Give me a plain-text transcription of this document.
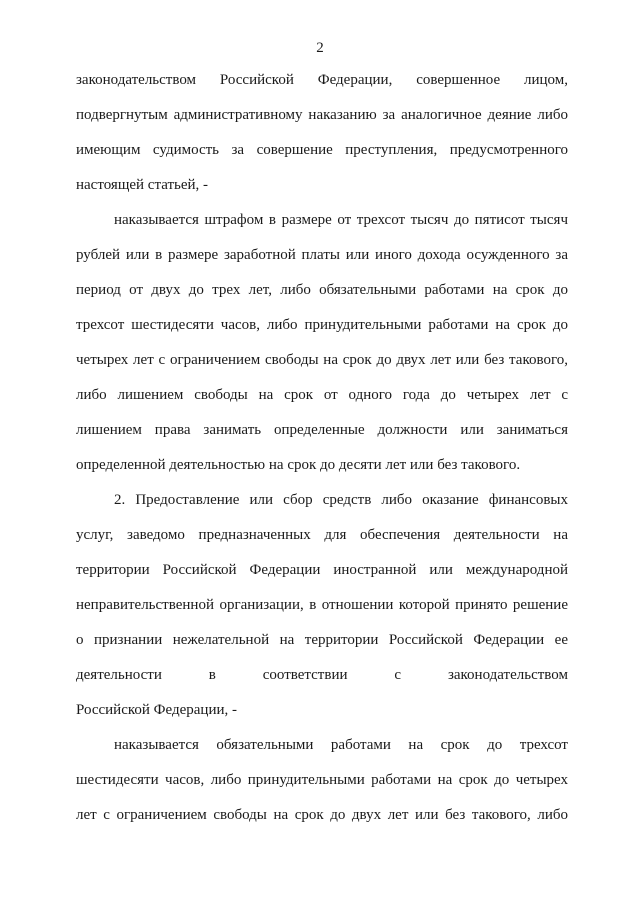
2
законодательством Российской Федерации, совершенное лицом,
подвергнутым административному наказанию за аналогичное деяние либо
имеющим судимость за совершение преступления, предусмотренного
настоящей статьей, -
наказывается штрафом в размере от трехсот тысяч до пятисот тысяч
рублей или в размере заработной платы или иного дохода осужденного за
период от двух до трех лет, либо обязательными работами на срок до
трехсот шестидесяти часов, либо принудительными работами на срок до
четырех лет с ограничением свободы на срок до двух лет или без такового,
либо лишением свободы на срок от одного года до четырех лет с
лишением права занимать определенные должности или заниматься
определенной деятельностью на срок до десяти лет или без такового.
2. Предоставление или сбор средств либо оказание финансовых
услуг, заведомо предназначенных для обеспечения деятельности на
территории Российской Федерации иностранной или международной
неправительственной организации, в отношении которой принято решение
о признании нежелательной на территории Российской Федерации ее
деятельности в соответствии с законодательством
Российской Федерации, -
наказывается обязательными работами на срок до трехсот
шестидесяти часов, либо принудительными работами на срок до четырех
лет с ограничением свободы на срок до двух лет или без такового, либо
